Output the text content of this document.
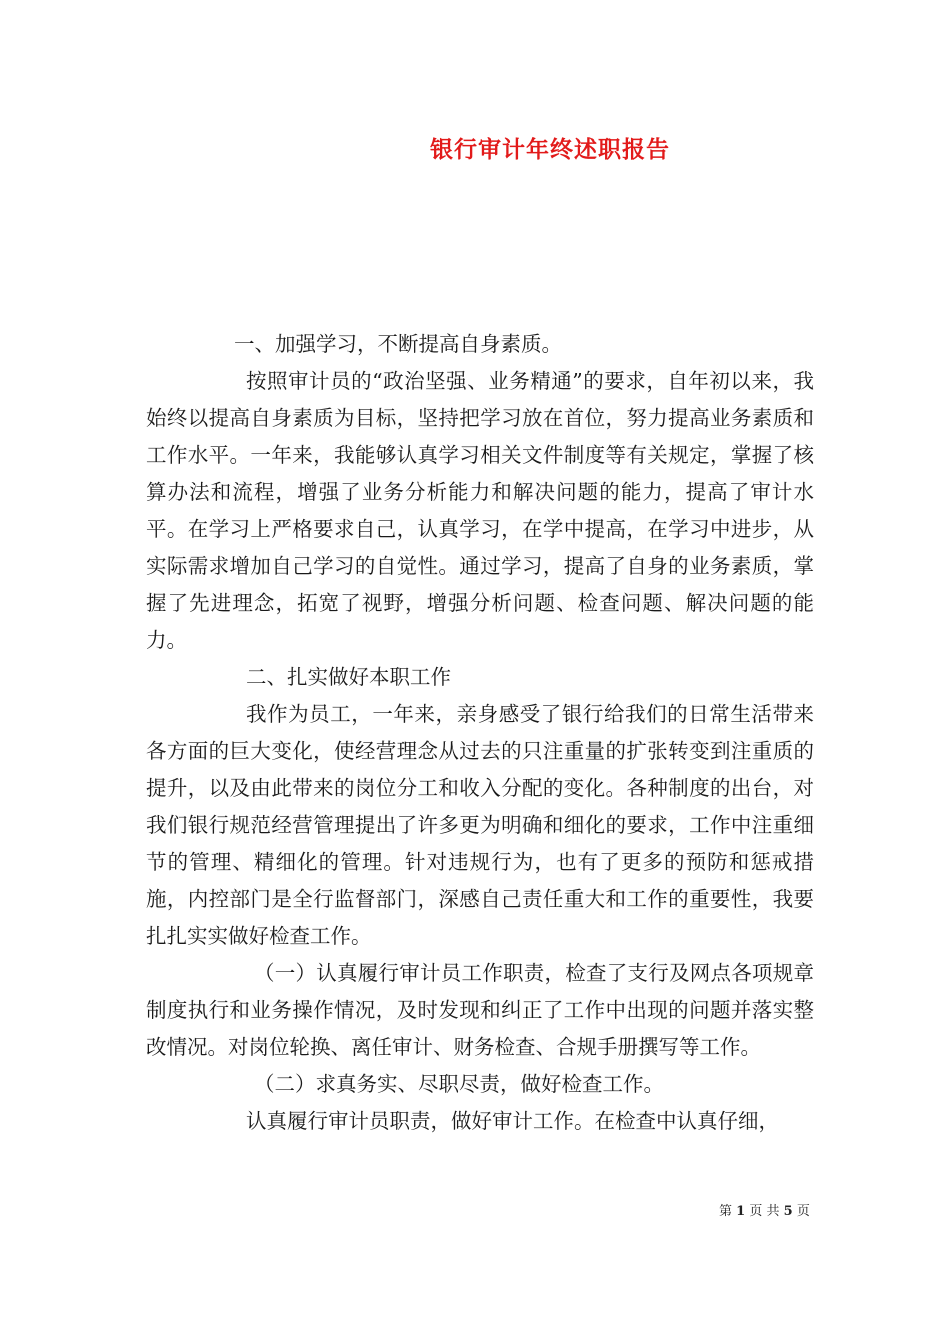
银行审计年终述职报告

一、加强学习，不断提高自身素质。

按照审计员的“政治坚强、业务精通”的要求，自年初以来，我始终以提高自身素质为目标，坚持把学习放在首位，努力提高业务素质和工作水平。一年来，我能够认真学习相关文件制度等有关规定，掌握了核算办法和流程，增强了业务分析能力和解决问题的能力，提高了审计水平。在学习上严格要求自己，认真学习，在学中提高，在学习中进步，从实际需求增加自己学习的自觉性。通过学习，提高了自身的业务素质，掌握了先进理念，拓宽了视野，增强分析问题、检查问题、解决问题的能力。

二、扎实做好本职工作

我作为员工，一年来，亲身感受了银行给我们的日常生活带来各方面的巨大变化，使经营理念从过去的只注重量的扩张转变到注重质的提升，以及由此带来的岗位分工和收入分配的变化。各种制度的出台，对我们银行规范经营管理提出了许多更为明确和细化的要求，工作中注重细节的管理、精细化的管理。针对违规行为，也有了更多的预防和惩戒措施，内控部门是全行监督部门，深感自己责任重大和工作的重要性，我要扎扎实实做好检查工作。

（一）认真履行审计员工作职责，检查了支行及网点各项规章制度执行和业务操作情况，及时发现和纠正了工作中出现的问题并落实整改情况。对岗位轮换、离任审计、财务检查、合规手册撰写等工作。

（二）求真务实、尽职尽责，做好检查工作。

认真履行审计员职责，做好审计工作。在检查中认真仔细，

第 1 页 共 5 页
